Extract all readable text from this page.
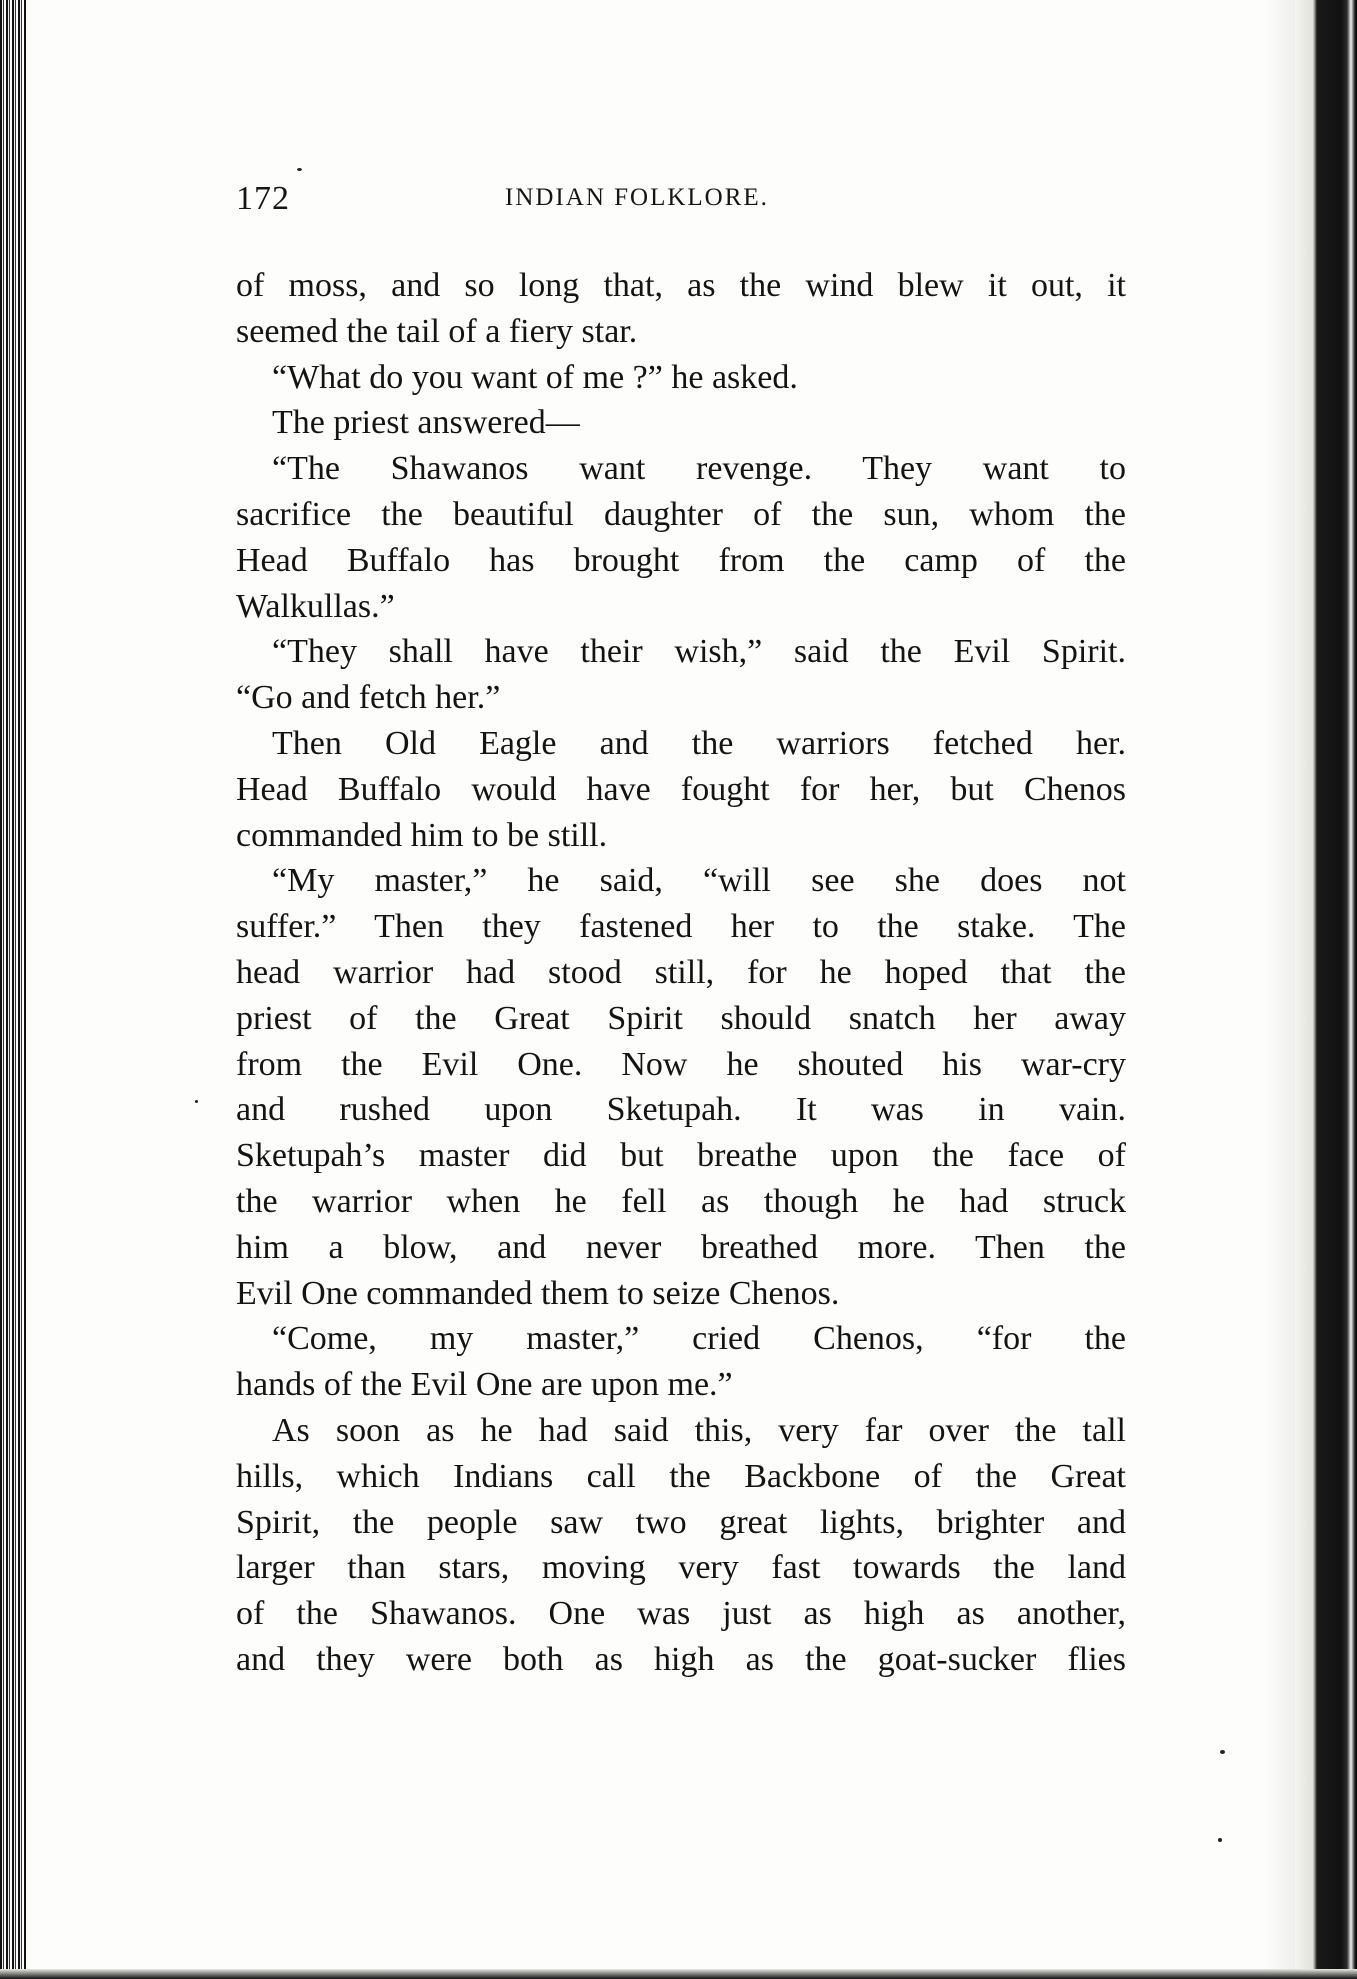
172	INDIAN FOLKLORE.
of moss, and so long that, as the wind blew it out, it
seemed the tail of a fiery star.
“What do you want of me ?” he asked.
The priest answered—
“The Shawanos want revenge. They want to
sacrifice the beautiful daughter of the sun, whom the
Head Buffalo has brought from the camp of the
Walkullas.”
“They shall have their wish,” said the Evil Spirit.
“Go and fetch her.”
Then Old Eagle and the warriors fetched her.
Head Buffalo would have fought for her, but Chenos
commanded him to be still.
“My master,” he said, “will see she does not
suffer.” Then they fastened her to the stake. The
head warrior had stood still, for he hoped that the
priest of the Great Spirit should snatch her away
from the Evil One. Now he shouted his war-cry
and rushed upon Sketupah. It was in vain.
Sketupah’s master did but breathe upon the face of
the warrior when he fell as though he had struck
him a blow, and never breathed more. Then the
Evil One commanded them to seize Chenos.
“Come, my master,” cried Chenos, “for the
hands of the Evil One are upon me.”
As soon as he had said this, very far over the tall
hills, which Indians call the Backbone of the Great
Spirit, the people saw two great lights, brighter and
larger than stars, moving very fast towards the land
of the Shawanos. One was just as high as another,
and they were both as high as the goat-sucker flies
